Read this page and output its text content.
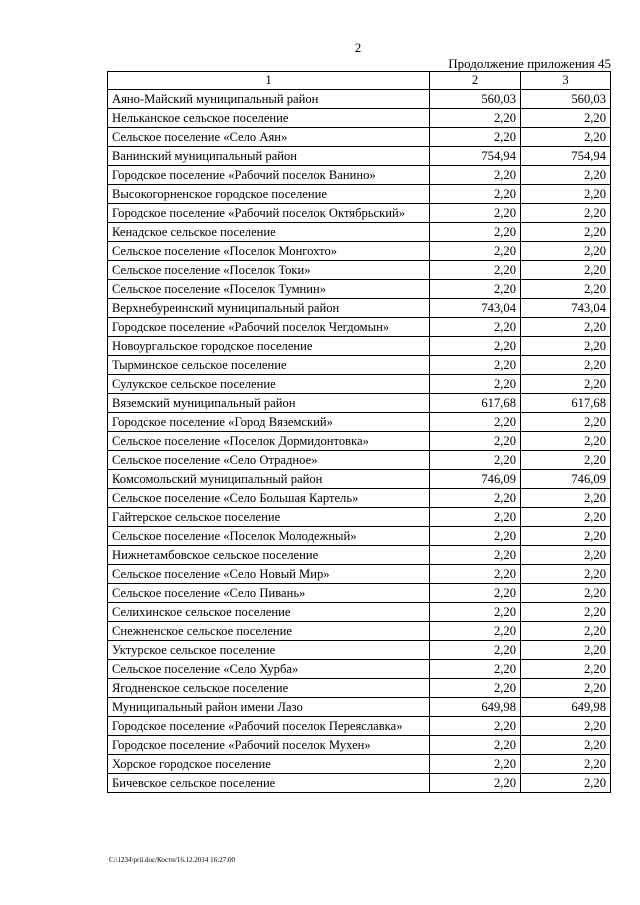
2
Продолжение приложения 45
1	2	3
Аяно-Майский муниципальный район	560,03	560,03
Нельканское сельское поселение	2,20	2,20
Сельское поселение «Село Аян»	2,20	2,20
Ванинский муниципальный район	754,94	754,94
Городское поселение «Рабочий поселок Ванино»	2,20	2,20
Высокогорненское городское поселение	2,20	2,20
Городское поселение «Рабочий поселок Октябрьский»	2,20	2,20
Кенадское сельское поселение	2,20	2,20
Сельское поселение «Поселок Монгохто»	2,20	2,20
Сельское поселение «Поселок Токи»	2,20	2,20
Сельское поселение «Поселок Тумнин»	2,20	2,20
Верхнебуреинский муниципальный район	743,04	743,04
Городское поселение «Рабочий поселок Чегдомын»	2,20	2,20
Новоургальское городское поселение	2,20	2,20
Тырминское сельское поселение	2,20	2,20
Сулукское сельское поселение	2,20	2,20
Вяземский муниципальный район	617,68	617,68
Городское поселение «Город Вяземский»	2,20	2,20
Сельское поселение «Поселок Дормидонтовка»	2,20	2,20
Сельское поселение «Село Отрадное»	2,20	2,20
Комсомольский муниципальный район	746,09	746,09
Сельское поселение «Село Большая Картель»	2,20	2,20
Гайтерское сельское поселение	2,20	2,20
Сельское поселение «Поселок Молодежный»	2,20	2,20
Нижнетамбовское сельское поселение	2,20	2,20
Сельское поселение «Село Новый Мир»	2,20	2,20
Сельское поселение «Село Пивань»	2,20	2,20
Селихинское сельское поселение	2,20	2,20
Снежненское сельское поселение	2,20	2,20
Уктурское сельское поселение	2,20	2,20
Сельское поселение «Село Хурба»	2,20	2,20
Ягодненское сельское поселение	2,20	2,20
Муниципальный район имени Лазо	649,98	649,98
Городское поселение «Рабочий поселок Переяславка»	2,20	2,20
Городское поселение «Рабочий поселок Мухен»	2,20	2,20
Хорское городское поселение	2,20	2,20
Бичевское сельское поселение	2,20	2,20
C:\1234\pril.doc/Кости/16.12.2014 16:27:00
